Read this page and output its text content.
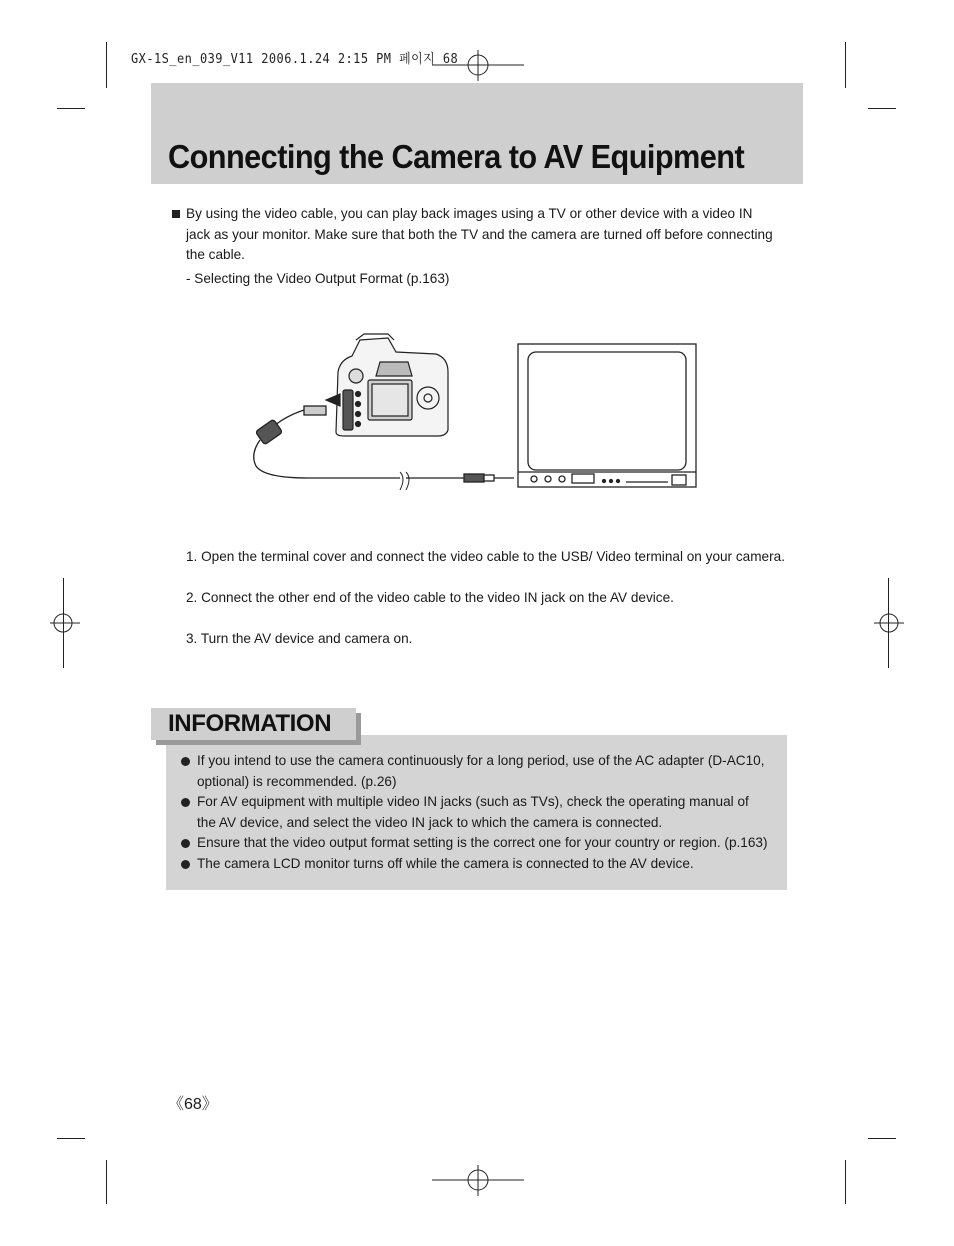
GX-1S_en_039_V11 2006.1.24 2:15 PM 페이지 68
Connecting the Camera to AV Equipment

By using the video cable, you can play back images using a TV or other device with a video IN jack as your monitor. Make sure that both the TV and the camera are turned off before connecting the cable.

- Selecting the Video Output Format (p.163)
1. Open the terminal cover and connect the video cable to the USB/ Video terminal on your camera.
2. Connect the other end of the video cable to the video IN jack on the AV device.
3. Turn the AV device and camera on.
INFORMATION
If you intend to use the camera continuously for a long period, use of the AC adapter (D-AC10, optional) is recommended. (p.26)
For AV equipment with multiple video IN jacks (such as TVs), check the operating manual of the AV device, and select the video IN jack to which the camera is connected.
Ensure that the video output format setting is the correct one for your country or region. (p.163)
The camera LCD monitor turns off while the camera is connected to the AV device.
《68》
